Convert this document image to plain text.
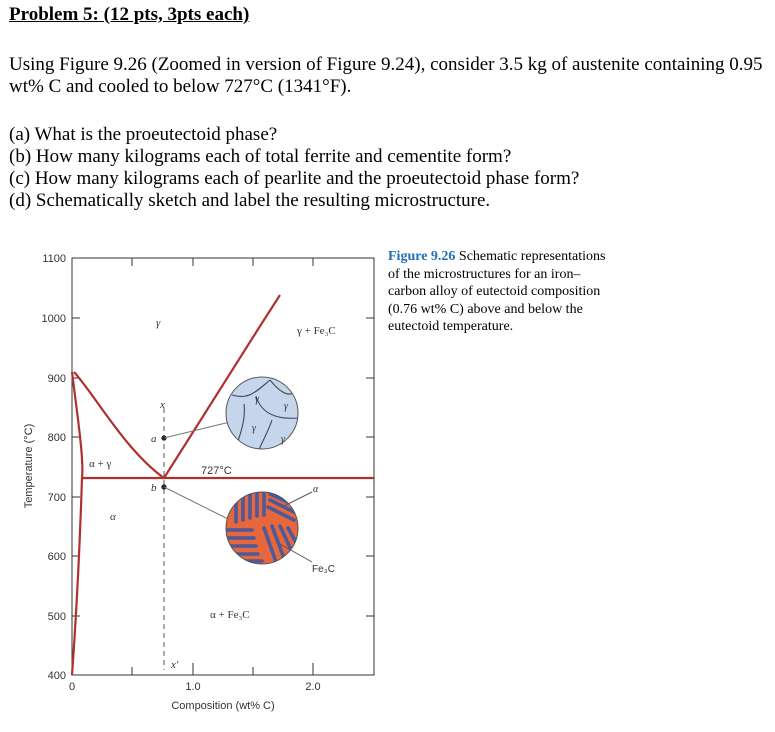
Problem 5: (12 pts, 3pts each)
Using Figure 9.26 (Zoomed in version of Figure 9.24), consider 3.5 kg of austenite containing 0.95 wt% C and cooled to below 727°C (1341°F).
(a) What is the proeutectoid phase?
(b) How many kilograms each of total ferrite and cementite form?
(c) How many kilograms each of pearlite and the proeutectoid phase form?
(d) Schematically sketch and label the resulting microstructure.
Figure 9.26 Schematic representations of the microstructures for an iron–carbon alloy of eutectoid composition (0.76 wt% C) above and below the eutectoid temperature.
1100
1000
900
800
700
600
500
400
0	1.0	2.0
Composition (wt% C)
Temperature (°C)
x
a
b
x′
γ
γ + Fe₃C
α + γ
α
α + Fe₃C
727°C
γ
γ
γ
γ
α
Fe₃C
